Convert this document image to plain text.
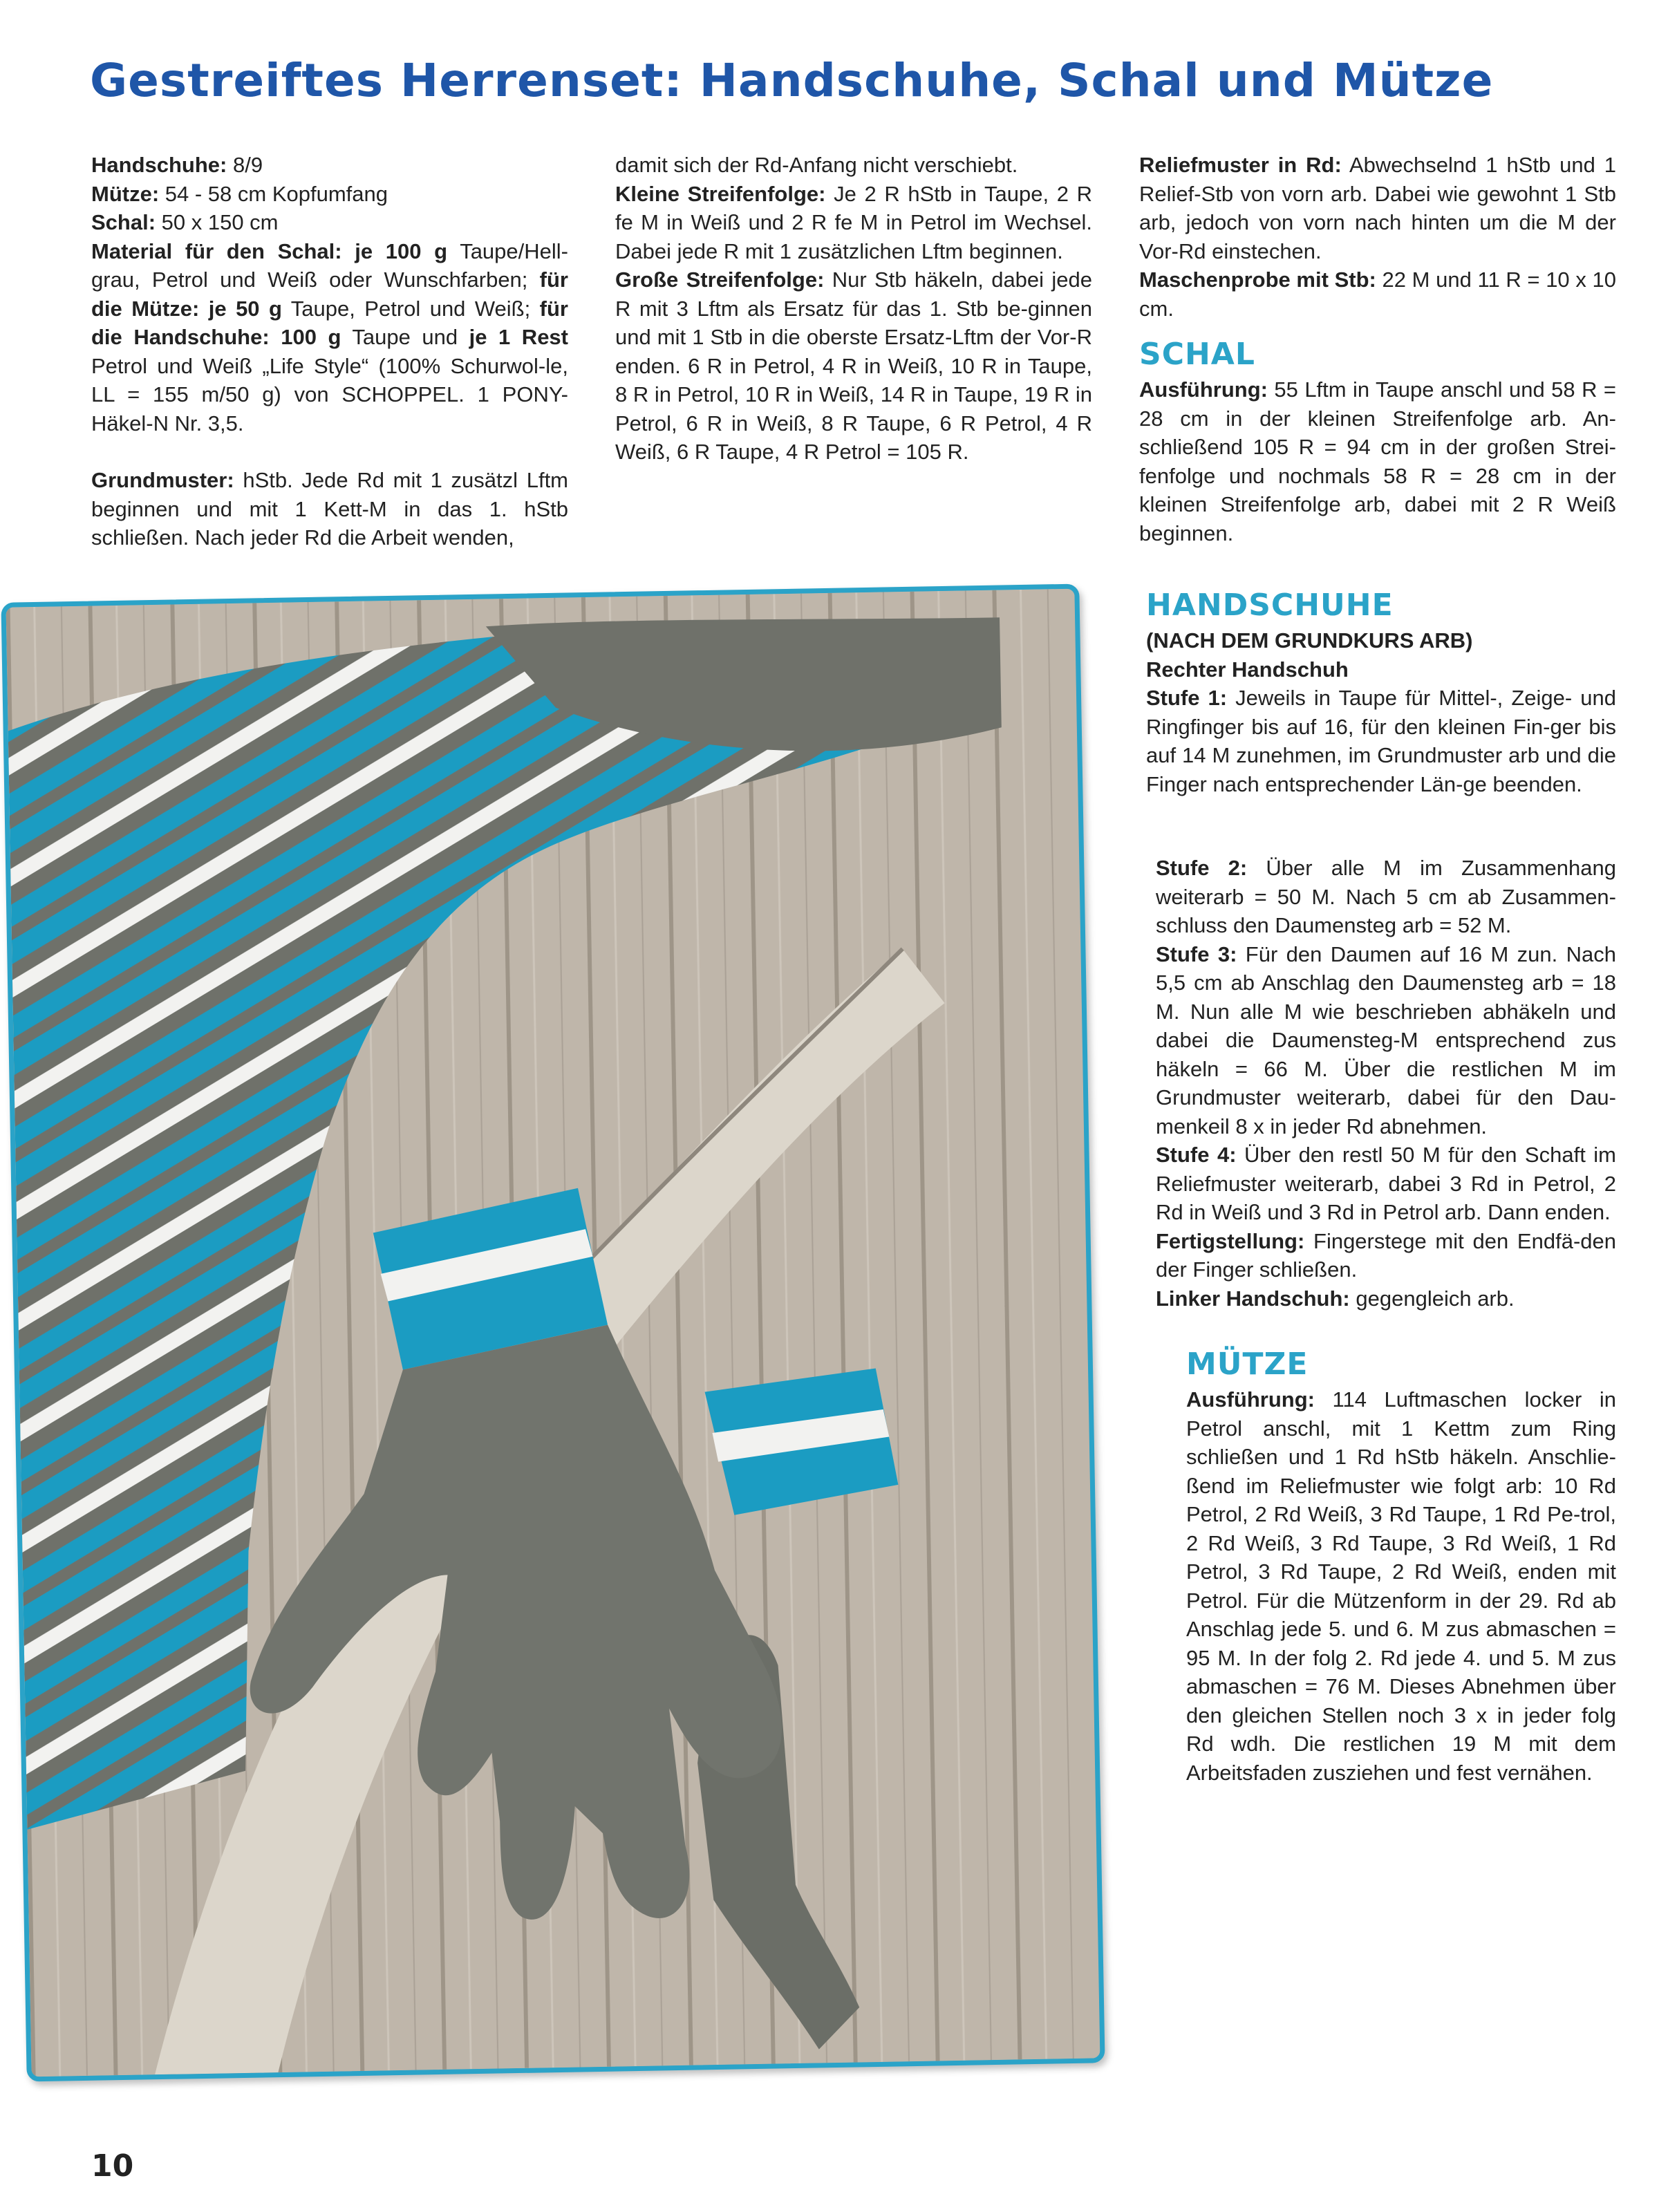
Gestreiftes Herrenset: Handschuhe, Schal und Mütze

Handschuhe: 8/9

Mütze: 54 - 58 cm Kopfumfang

Schal: 50 x 150 cm

Material für den Schal: je 100 g Taupe/Hell-grau, Petrol und Weiß oder Wunschfarben; für die Mütze: je 50 g Taupe, Petrol und Weiß; für die Handschuhe: 100 g Taupe und je 1 Rest Petrol und Weiß „Life Style“ (100% Schurwol-le, LL = 155 m/50 g) von SCHOPPEL. 1 PONY-Häkel-N Nr. 3,5.

Grundmuster: hStb. Jede Rd mit 1 zusätzl Lftm beginnen und mit 1 Kett-M in das 1. hStb schließen. Nach jeder Rd die Arbeit wenden,

damit sich der Rd-Anfang nicht verschiebt.

Kleine Streifenfolge: Je 2 R hStb in Taupe, 2 R fe M in Weiß und 2 R fe M in Petrol im Wechsel. Dabei jede R mit 1 zusätzlichen Lftm beginnen.

Große Streifenfolge: Nur Stb häkeln, dabei jede R mit 3 Lftm als Ersatz für das 1. Stb be-ginnen und mit 1 Stb in die oberste Ersatz-Lftm der Vor-R enden. 6 R in Petrol, 4 R in Weiß, 10 R in Taupe, 8 R in Petrol, 10 R in Weiß, 14 R in Taupe, 19 R in Petrol, 6 R in Weiß, 8 R Taupe, 6 R Petrol, 4 R Weiß, 6 R Taupe, 4 R Petrol = 105 R.

Reliefmuster in Rd: Abwechselnd 1 hStb und 1 Relief-Stb von vorn arb. Dabei wie gewohnt 1 Stb arb, jedoch von vorn nach hinten um die M der Vor-Rd einstechen.

Maschenprobe mit Stb: 22 M und 11 R = 10 x 10 cm.

SCHAL

Ausführung: 55 Lftm in Taupe anschl und 58 R = 28 cm in der kleinen Streifenfolge arb. An-schließend 105 R = 94 cm in der großen Strei-fenfolge und nochmals 58 R = 28 cm in der kleinen Streifenfolge arb, dabei mit 2 R Weiß beginnen.

HANDSCHUHE

(NACH DEM GRUNDKURS ARB)

Rechter Handschuh

Stufe 1: Jeweils in Taupe für Mittel-, Zeige- und Ringfinger bis auf 16, für den kleinen Fin-ger bis auf 14 M zunehmen, im Grundmuster arb und die Finger nach entsprechender Län-ge beenden.

Stufe 2: Über alle M im Zusammenhang weiterarb = 50 M. Nach 5 cm ab Zusammen-schluss den Daumensteg arb = 52 M.

Stufe 3: Für den Daumen auf 16 M zun. Nach 5,5 cm ab Anschlag den Daumensteg arb = 18 M. Nun alle M wie beschrieben abhäkeln und dabei die Daumensteg-M entsprechend zus häkeln = 66 M. Über die restlichen M im Grundmuster weiterarb, dabei für den Dau-menkeil 8 x in jeder Rd abnehmen.

Stufe 4: Über den restl 50 M für den Schaft im Reliefmuster weiterarb, dabei 3 Rd in Petrol, 2 Rd in Weiß und 3 Rd in Petrol arb. Dann enden.

Fertigstellung: Fingerstege mit den Endfä-den der Finger schließen.

Linker Handschuh: gegengleich arb.

MÜTZE

Ausführung: 114 Luftmaschen locker in Petrol anschl, mit 1 Kettm zum Ring schließen und 1 Rd hStb häkeln. Anschlie-ßend im Reliefmuster wie folgt arb: 10 Rd Petrol, 2 Rd Weiß, 3 Rd Taupe, 1 Rd Pe-trol, 2 Rd Weiß, 3 Rd Taupe, 3 Rd Weiß, 1 Rd Petrol, 3 Rd Taupe, 2 Rd Weiß, enden mit Petrol. Für die Mützenform in der 29. Rd ab Anschlag jede 5. und 6. M zus abmaschen = 95 M. In der folg 2. Rd jede 4. und 5. M zus abmaschen = 76 M. Dieses Abnehmen über den gleichen Stellen noch 3 x in jeder folg Rd wdh. Die restlichen 19 M mit dem Arbeitsfaden zusziehen und fest vernähen.

10
